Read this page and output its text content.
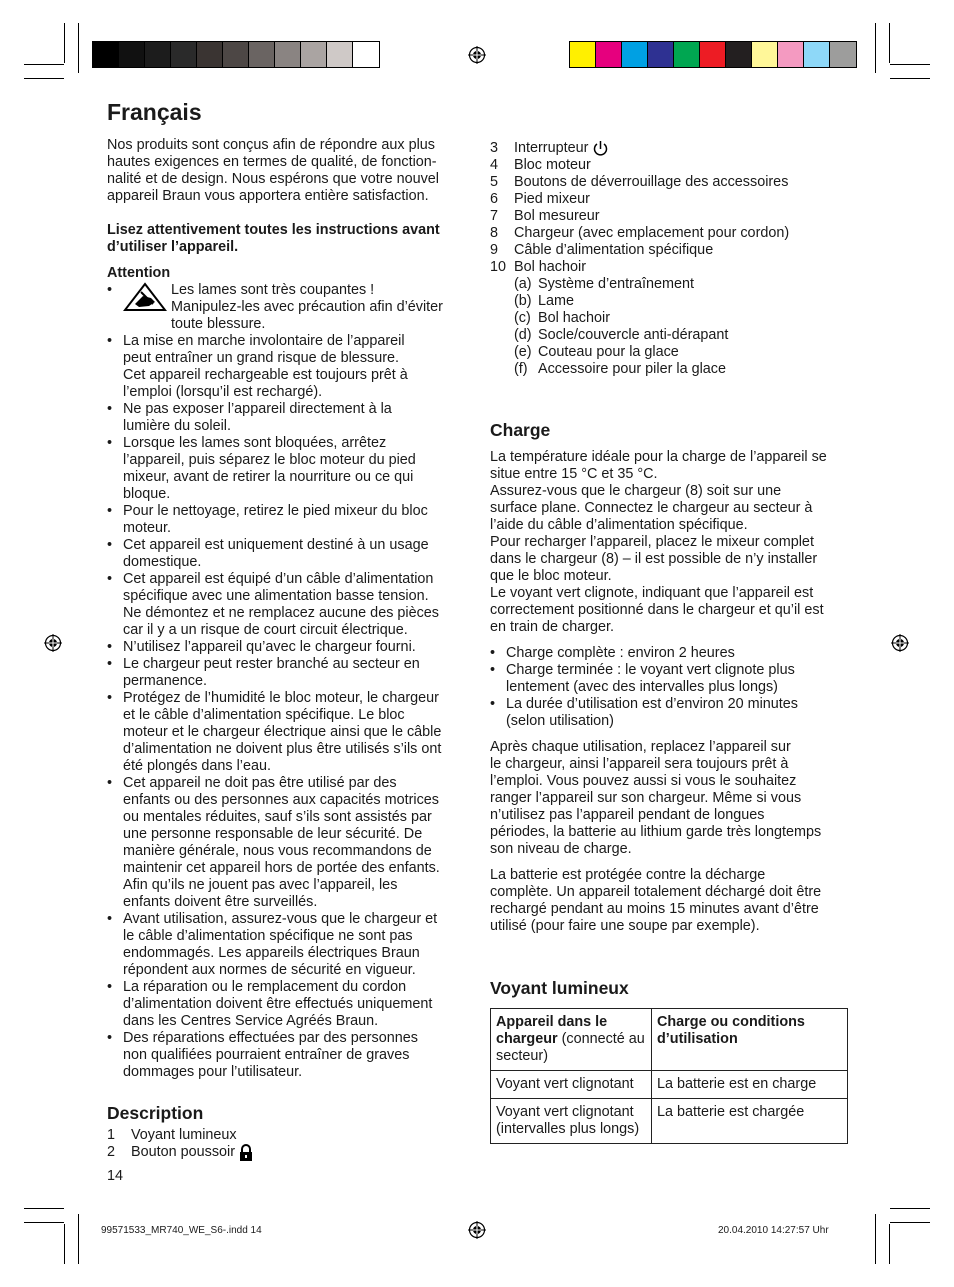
Français
Nos produits sont conçus afin de répondre aux plus
hautes exigences en termes de qualité, de fonction-
nalité et de design. Nous espérons que votre nouvel
appareil Braun vous apportera entière satisfaction.
Lisez attentivement toutes les instructions avant
d’utiliser l’appareil.
Attention
•	Les lames sont très coupantes !
Manipulez-les avec précaution afin d’éviter
toute blessure.
• La mise en marche involontaire de l’appareil
peut entraîner un grand risque de blessure.
Cet appareil rechargeable est toujours prêt à
l’emploi (lorsqu’il est rechargé).
• Ne pas exposer l’appareil directement à la
lumière du soleil.
• Lorsque les lames sont bloquées, arrêtez
l’appareil, puis séparez le bloc moteur du pied
mixeur, avant de retirer la nourriture ou ce qui
bloque.
• Pour le nettoyage, retirez le pied mixeur du bloc
moteur.
• Cet appareil est uniquement destiné à un usage
domestique.
• Cet appareil est équipé d’un câble d’alimentation
spécifique avec une alimentation basse tension.
Ne démontez et ne remplacez aucune des pièces
car il y a un risque de court circuit électrique.
• N’utilisez l’appareil qu’avec le chargeur fourni.
• Le chargeur peut rester branché au secteur en
permanence.
• Protégez de l’humidité le bloc moteur, le chargeur
et le câble d’alimentation spécifique. Le bloc
moteur et le chargeur électrique ainsi que le câble
d’alimentation ne doivent plus être utilisés s’ils ont
été plongés dans l’eau.
• Cet appareil ne doit pas être utilisé par des
enfants ou des personnes aux capacités motrices
ou mentales réduites, sauf s’ils sont assistés par
une personne responsable de leur sécurité. De
manière générale, nous vous recommandons de
maintenir cet appareil hors de portée des enfants.
Afin qu’ils ne jouent pas avec l’appareil, les
enfants doivent être surveillés.
• Avant utilisation, assurez-vous que le chargeur et
le câble d’alimentation spécifique ne sont pas
endommagés. Les appareils électriques Braun
répondent aux normes de sécurité en vigueur.
• La réparation ou le remplacement du cordon
d’alimentation doivent être effectués uniquement
dans les Centres Service Agréés Braun.
• Des réparations effectuées par des personnes
non qualifiées pourraient entraîner de graves
dommages pour l’utilisateur.
Description
1	Voyant lumineux
2	Bouton poussoir
14
3	Interrupteur
4	Bloc moteur
5	Boutons de déverrouillage des accessoires
6	Pied mixeur
7	Bol mesureur
8	Chargeur (avec emplacement pour cordon)
9	Câble d’alimentation spécifique
10 Bol hachoir
(a) Système d’entraînement
(b) Lame
(c) Bol hachoir
(d) Socle/couvercle anti-dérapant
(e) Couteau pour la glace
(f) Accessoire pour piler la glace
Charge
La température idéale pour la charge de l’appareil se
situe entre 15 °C et 35 °C.
Assurez-vous que le chargeur (8) soit sur une
surface plane. Connectez le chargeur au secteur à
l’aide du câble d’alimentation spécifique.
Pour recharger l’appareil, placez le mixeur complet
dans le chargeur (8) – il est possible de n’y installer
que le bloc moteur.
Le voyant vert clignote, indiquant que l’appareil est
correctement positionné dans le chargeur et qu’il est
en train de charger.
• Charge complète : environ 2 heures
• Charge terminée : le voyant vert clignote plus
lentement (avec des intervalles plus longs)
• La durée d’utilisation est d’environ 20 minutes
(selon utilisation)
Après chaque utilisation, replacez l’appareil sur
le chargeur, ainsi l’appareil sera toujours prêt à
l’emploi. Vous pouvez aussi si vous le souhaitez
ranger l’appareil sur son chargeur. Même si vous
n’utilisez pas l’appareil pendant de longues
périodes, la batterie au lithium garde très longtemps
son niveau de charge.
La batterie est protégée contre la décharge
complète. Un appareil totalement déchargé doit être
rechargé pendant au moins 15 minutes avant d’être
utilisé (pour faire une soupe par exemple).
Voyant lumineux
Appareil dans le chargeur (connecté au secteur)	Charge ou conditions d’utilisation
Voyant vert clignotant	La batterie est en charge
Voyant vert clignotant (intervalles plus longs)	La batterie est chargée
99571533_MR740_WE_S6-.indd 14	20.04.2010 14:27:57 Uhr
